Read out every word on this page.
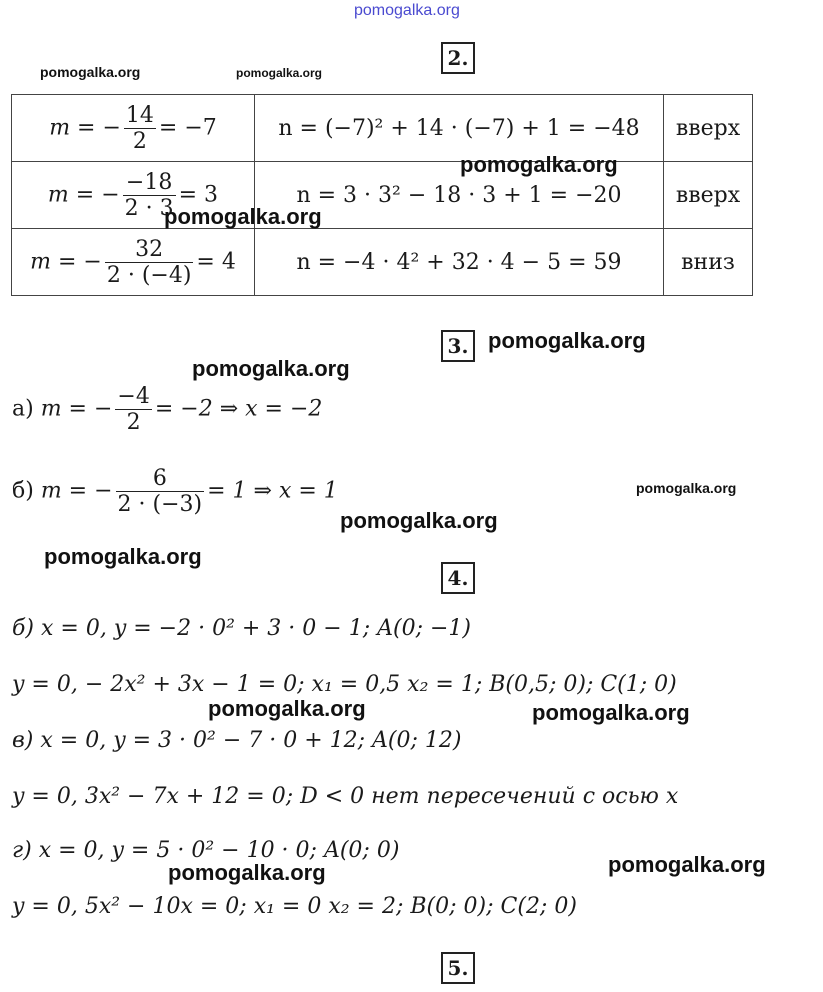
pomogalka.org
2.
pomogalka.org	pomogalka.org
m = − $\frac{14}{2} = -7$	n = (−7)² + 14 · (−7) + 1 = −48	вверх
m = − $\frac{-18}{2 \cdot 3} = 3$	n = 3 · 3² − 18 · 3 + 1 = −20	вверх
m = − $\frac{32}{2 \cdot (-4)} = 4$	n = −4 · 4² + 32 · 4 − 5 = 59	вниз
pomogalka.org
pomogalka.org
3. pomogalka.org
pomogalka.org
а) m = − $\frac{-4}{2} = -2$ ⇒ x = −2
б) m = − $\frac{6}{2 \cdot (-3)} = 1$ ⇒ x = 1	pomogalka.org
pomogalka.org
pomogalka.org
4.
б) x = 0, y = −2 · 0² + 3 · 0 − 1; A(0; −1)
y = 0, − 2x² + 3x − 1 = 0; x₁ = 0,5 x₂ = 1; B(0,5; 0); C(1; 0)
pomogalka.org	pomogalka.org
в) x = 0, y = 3 · 0² − 7 · 0 + 12; A(0; 12)
y = 0, 3x² − 7x + 12 = 0; D < 0 нет пересечений с осью x
г) x = 0, y = 5 · 0² − 10 · 0; A(0; 0)
pomogalka.org
pomogalka.org
y = 0, 5x² − 10x = 0; x₁ = 0 x₂ = 2; B(0; 0); C(2; 0)
5.
